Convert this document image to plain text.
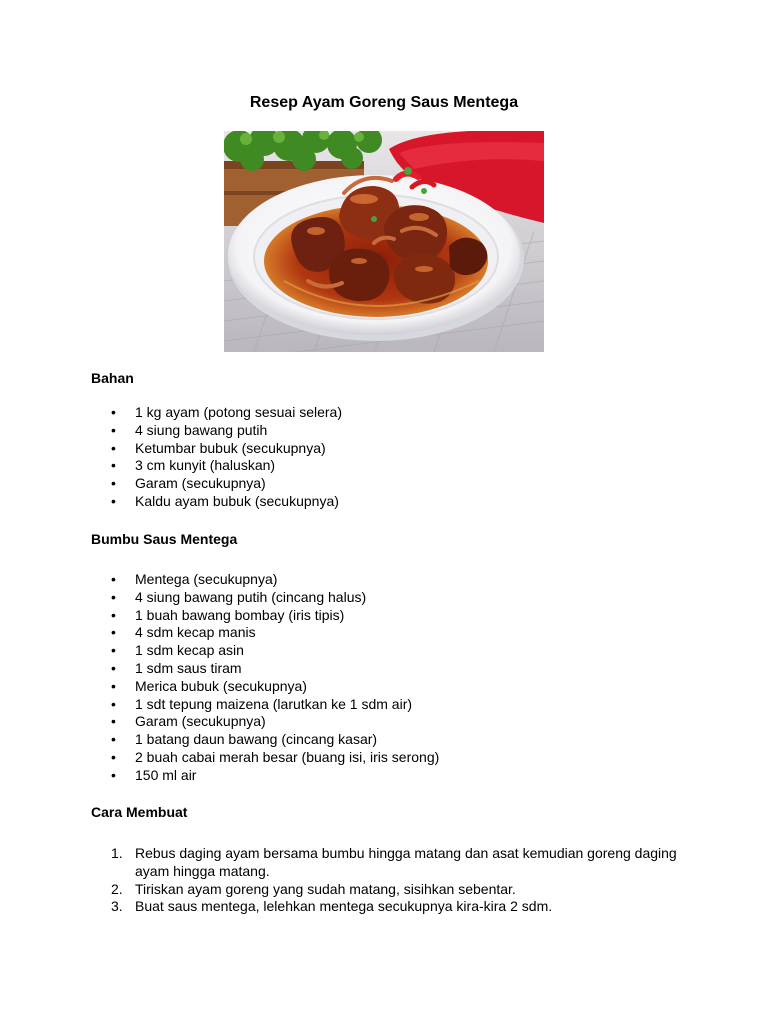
Resep Ayam Goreng Saus Mentega
Bahan
•	1 kg ayam (potong sesuai selera)
•	4 siung bawang putih
•	Ketumbar bubuk (secukupnya)
•	3 cm kunyit (haluskan)
•	Garam (secukupnya)
•	Kaldu ayam bubuk (secukupnya)
Bumbu Saus Mentega
•	Mentega (secukupnya)
•	4 siung bawang putih (cincang halus)
•	1 buah bawang bombay (iris tipis)
•	4 sdm kecap manis
•	1 sdm kecap asin
•	1 sdm saus tiram
•	Merica bubuk (secukupnya)
•	1 sdt tepung maizena (larutkan ke 1 sdm air)
•	Garam (secukupnya)
•	1 batang daun bawang (cincang kasar)
•	2 buah cabai merah besar (buang isi, iris serong)
•	150 ml air
Cara Membuat
1. Rebus daging ayam bersama bumbu hingga matang dan asat kemudian goreng daging ayam hingga matang.
2. Tiriskan ayam goreng yang sudah matang, sisihkan sebentar.
3. Buat saus mentega, lelehkan mentega secukupnya kira-kira 2 sdm.
